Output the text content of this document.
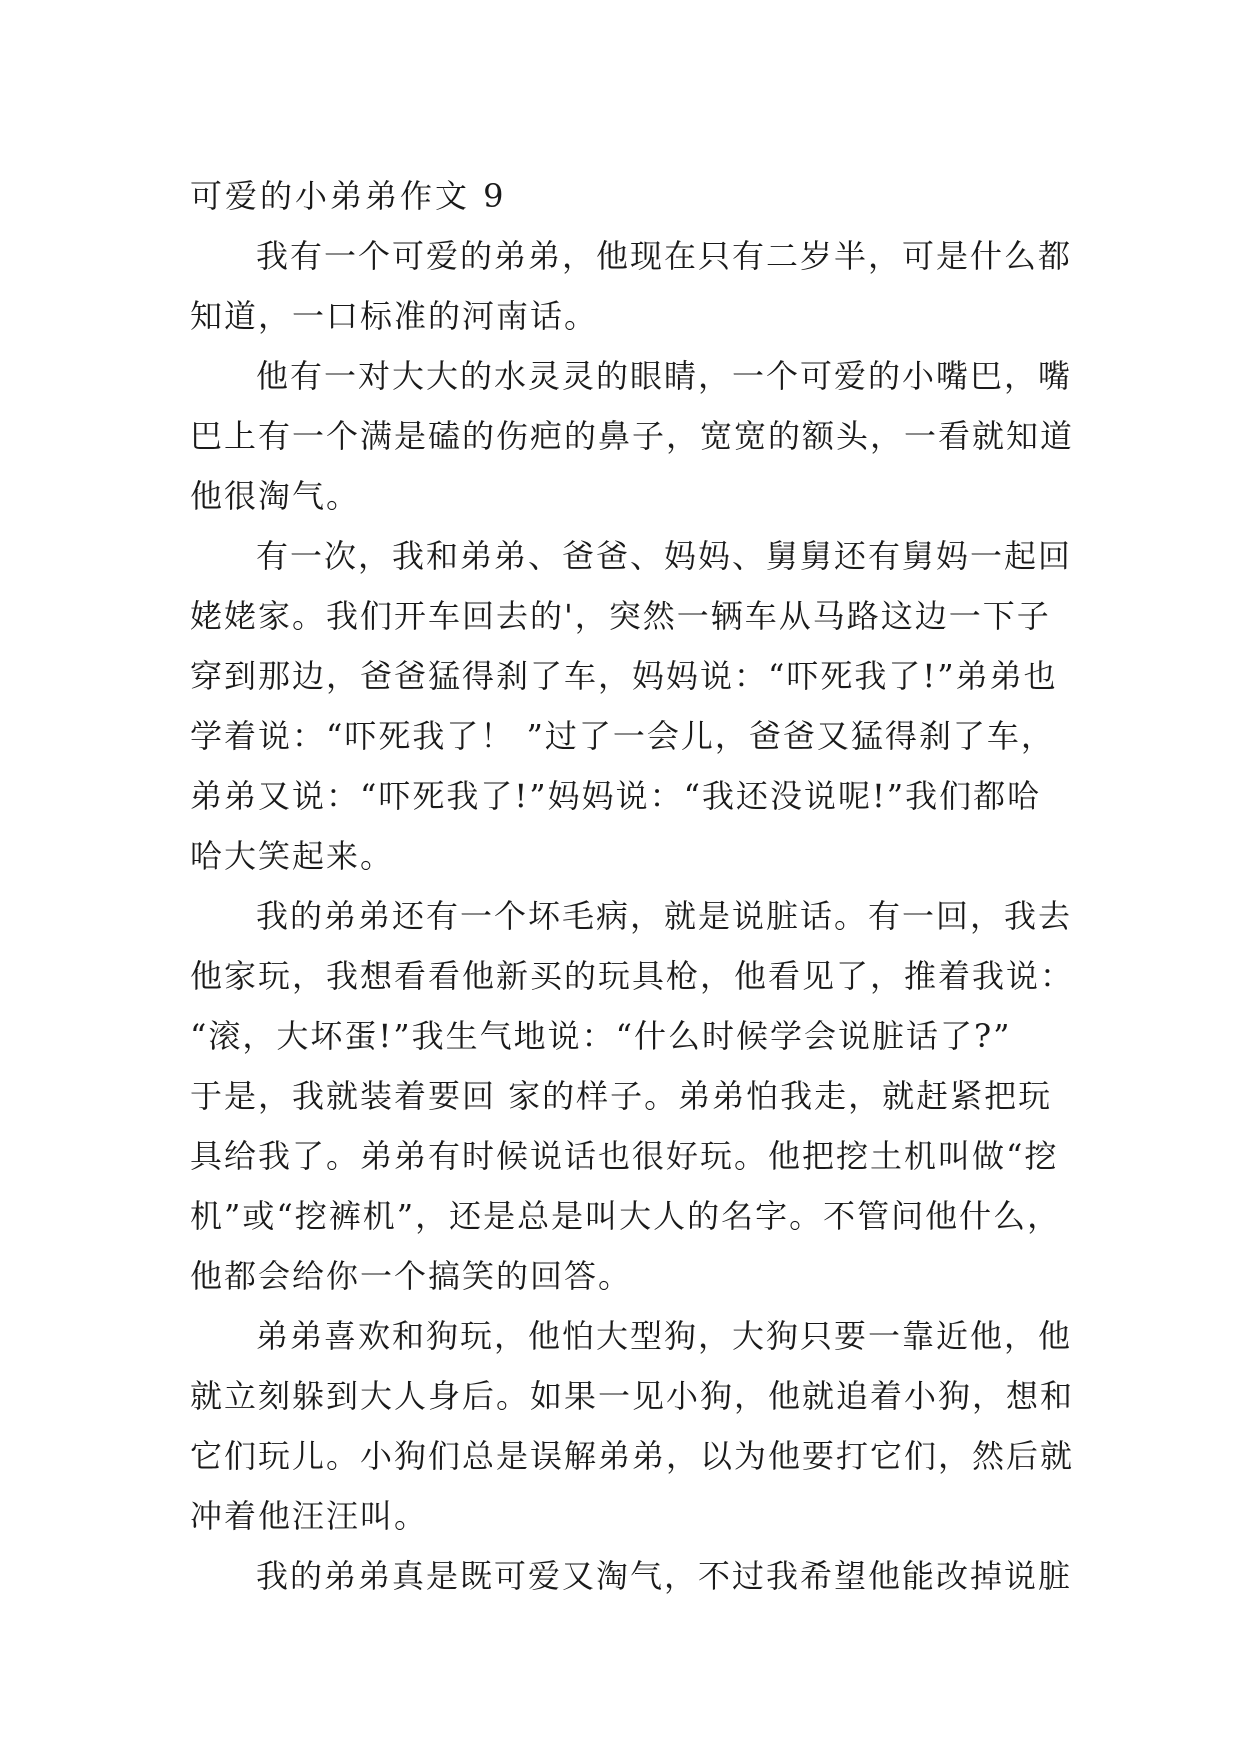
可爱的小弟弟作文 9

我有一个可爱的弟弟，他现在只有二岁半，可是什么都
知道，一口标准的河南话。

他有一对大大的水灵灵的眼睛，一个可爱的小嘴巴，嘴
巴上有一个满是磕的伤疤的鼻子，宽宽的额头，一看就知道
他很淘气。

有一次，我和弟弟、爸爸、妈妈、舅舅还有舅妈一起回
姥姥家。我们开车回去的'，突然一辆车从马路这边一下子
穿到那边，爸爸猛得刹了车，妈妈说：“吓死我了!”弟弟也
学着说：“吓死我了！ ”过了一会儿，爸爸又猛得刹了车，
弟弟又说：“吓死我了!”妈妈说：“我还没说呢!”我们都哈
哈大笑起来。

我的弟弟还有一个坏毛病，就是说脏话。有一回，我去
他家玩，我想看看他新买的玩具枪，他看见了，推着我说：
“滚，大坏蛋!”我生气地说：“什么时候学会说脏话了?”
于是，我就装着要回 家的样子。弟弟怕我走，就赶紧把玩
具给我了。弟弟有时候说话也很好玩。他把挖土机叫做“挖
机”或“挖裤机”，还是总是叫大人的名字。不管问他什么，
他都会给你一个搞笑的回答。

弟弟喜欢和狗玩，他怕大型狗，大狗只要一靠近他，他
就立刻躲到大人身后。如果一见小狗，他就追着小狗，想和
它们玩儿。小狗们总是误解弟弟，以为他要打它们，然后就
冲着他汪汪叫。

我的弟弟真是既可爱又淘气，不过我希望他能改掉说脏
